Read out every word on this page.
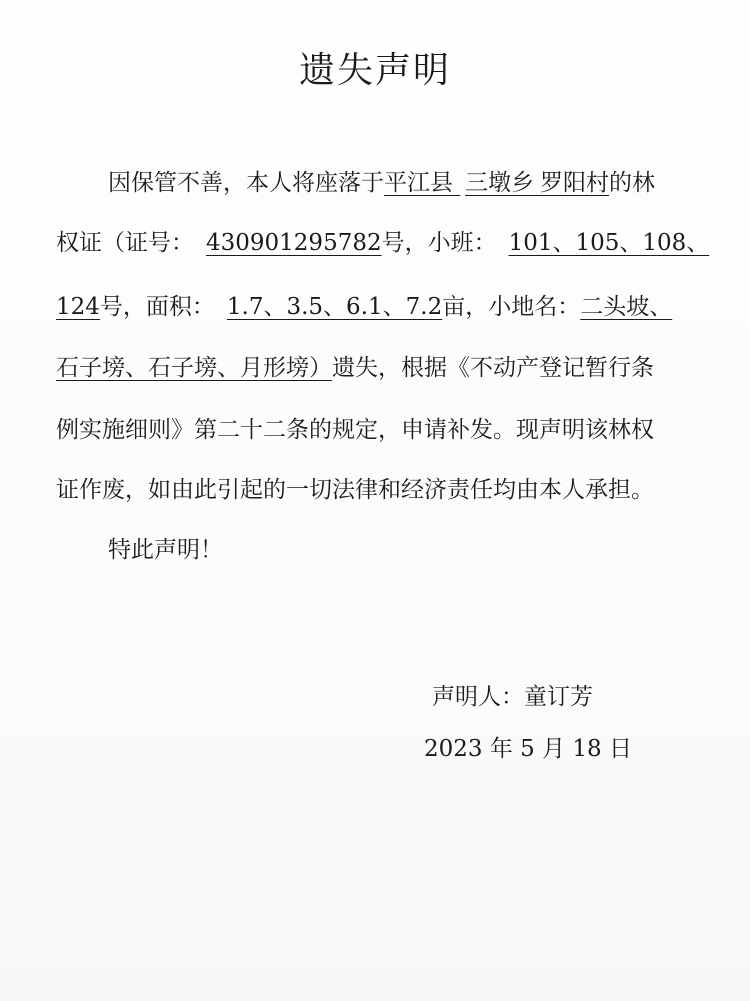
遗失声明
因保管不善，本人将座落于平江县 三墩乡 罗阳村的林
权证（证号： 430901295782号，小班： 101、105、108、
124号，面积： 1.7、3.5、6.1、7.2亩，小地名：二头坡、
石子塝、石子塝、月形塝）遗失，根据《不动产登记暂行条
例实施细则》第二十二条的规定，申请补发。现声明该林权
证作废，如由此引起的一切法律和经济责任均由本人承担。
特此声明！
声明人：童订芳
2023 年 5 月 18 日
